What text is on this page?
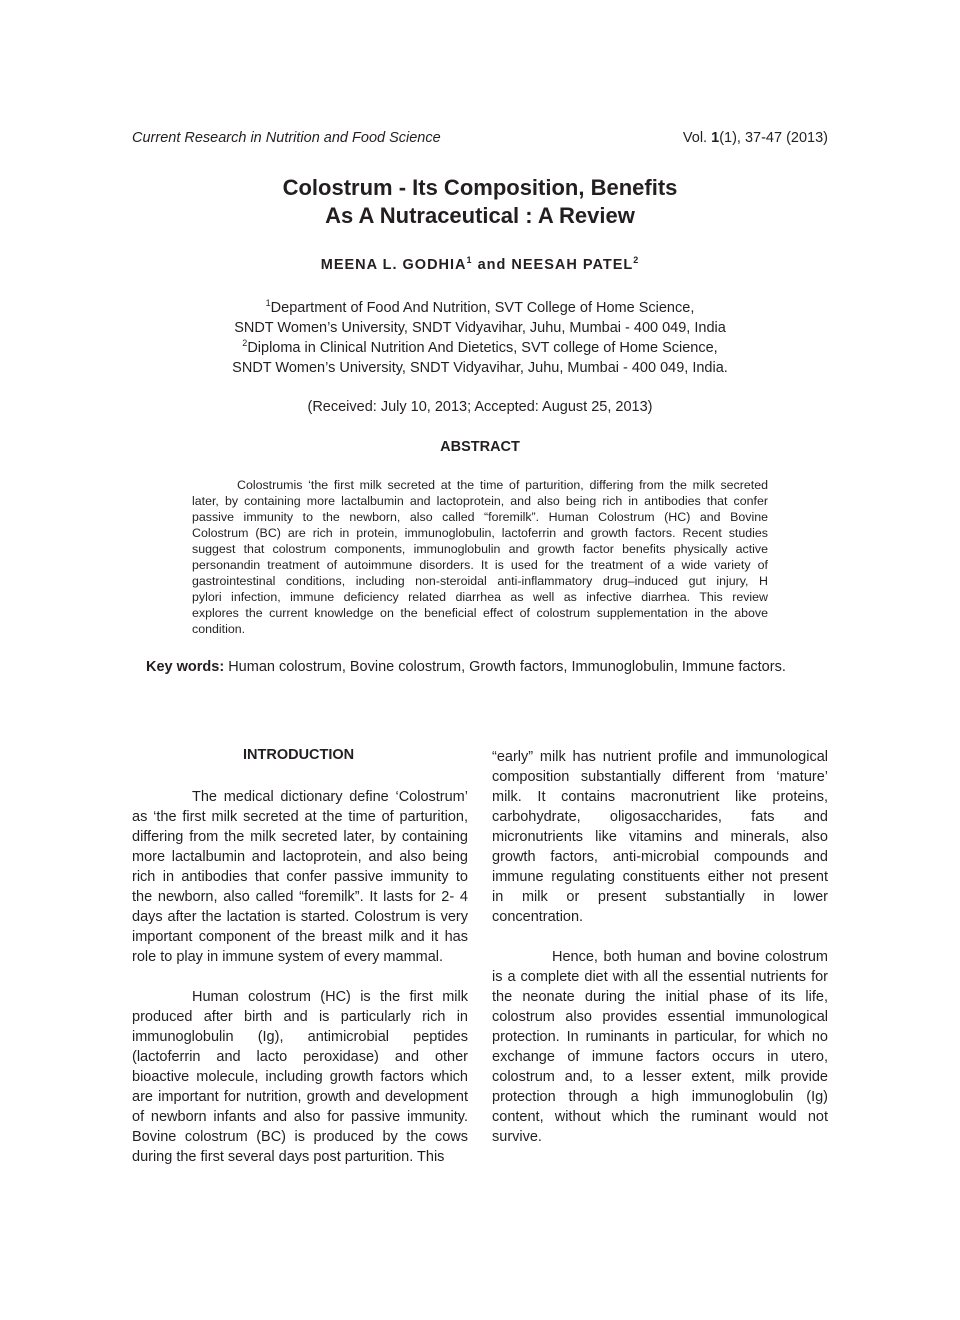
Current Research in Nutrition and Food Science	Vol. 1(1), 37-47 (2013)
Colostrum - Its Composition, Benefits
As A Nutraceutical : A Review
MEENA L. GODHIA$^1$ and NEESAH PATEL$^2$
$^1$Department of Food And Nutrition, SVT College of Home Science,
SNDT Women’s University, SNDT Vidyavihar, Juhu, Mumbai - 400 049, India
$^2$Diploma in Clinical Nutrition And Dietetics, SVT college of Home Science,
SNDT Women’s University, SNDT Vidyavihar, Juhu, Mumbai - 400 049, India.
(Received: July 10, 2013; Accepted: August 25, 2013)
ABSTRACT
Colostrumis ‘the first milk secreted at the time of parturition, differing from the milk secreted
later, by containing more lactalbumin and lactoprotein, and also being rich in antibodies that confer
passive immunity to the newborn, also called “foremilk”. Human Colostrum (HC) and Bovine
Colostrum (BC) are rich in protein, immunoglobulin, lactoferrin and growth factors. Recent studies
suggest that colostrum components, immunoglobulin and growth factor benefits physically active
personandin treatment of autoimmune disorders. It is used for the treatment of a wide variety of
gastrointestinal conditions, including non-steroidal anti-inflammatory drug–induced gut injury, H
pylori infection, immune deficiency related diarrhea as well as infective diarrhea. This review
explores the current knowledge on the beneficial effect of colostrum supplementation in the above
condition.
Key words: Human colostrum, Bovine colostrum, Growth factors, Immunoglobulin, Immune factors.
INTRODUCTION
The medical dictionary define ‘Colostrum’
as ‘the first milk secreted at the time of parturition,
differing from the milk secreted later, by containing
more lactalbumin and lactoprotein, and also being
rich in antibodies that confer passive immunity to
the newborn, also called “foremilk”. It lasts for 2- 4
days after the lactation is started. Colostrum is very
important component of the breast milk and it has
role to play in immune system of every mammal.
Human colostrum (HC) is the first milk
produced after birth and is particularly rich in
immunoglobulin (Ig), antimicrobial peptides
(lactoferrin and lacto peroxidase) and other
bioactive molecule, including growth factors which
are important for nutrition, growth and development
of newborn infants and also for passive immunity.
Bovine colostrum (BC) is produced by the cows
during the first several days post parturition. This
“early” milk has nutrient profile and immunological
composition substantially different from ‘mature’
milk. It contains macronutrient like proteins,
carbohydrate, oligosaccharides, fats and
micronutrients like vitamins and minerals, also
growth factors, anti-microbial compounds and
immune regulating constituents either not present
in milk or present substantially in lower
concentration.
Hence, both human and bovine colostrum
is a complete diet with all the essential nutrients for
the neonate during the initial phase of its life,
colostrum also provides essential immunological
protection. In ruminants in particular, for which no
exchange of immune factors occurs in utero,
colostrum and, to a lesser extent, milk provide
protection through a high immunoglobulin (Ig)
content, without which the ruminant would not
survive.
